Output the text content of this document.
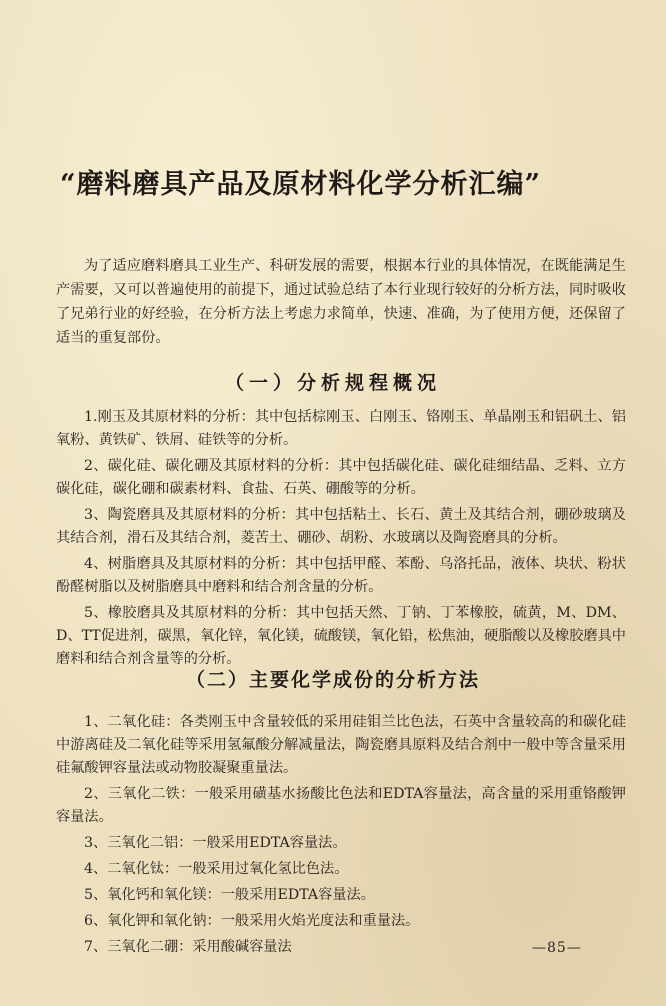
“磨料磨具产品及原材料化学分析汇编”

为了适应磨料磨具工业生产、科研发展的需要，根据本行业的具体情况，在既能满足生产需要，又可以普遍使用的前提下，通过试验总结了本行业现行较好的分析方法，同时吸收了兄弟行业的好经验，在分析方法上考虑力求简单，快速、准确，为了使用方便，还保留了适当的重复部份。

（一）分析规程概况

1.刚玉及其原材料的分析：其中包括棕刚玉、白刚玉、铬刚玉、单晶刚玉和铝矾土、铝氧粉、黄铁矿、铁屑、硅铁等的分析。

2、碳化硅、碳化硼及其原材料的分析：其中包括碳化硅、碳化硅细结晶、乏料、立方碳化硅，碳化硼和碳素材料、食盐、石英、硼酸等的分析。

3、陶瓷磨具及其原材料的分析：其中包括粘土、长石、黄土及其结合剂，硼砂玻璃及其结合剂，滑石及其结合剂，菱苦土、硼砂、胡粉、水玻璃以及陶瓷磨具的分析。

4、树脂磨具及其原材料的分析：其中包括甲醛、苯酚、乌洛托品，液体、块状、粉状酚醛树脂以及树脂磨具中磨料和结合剂含量的分析。

5、橡胶磨具及其原材料的分析：其中包括天然、丁钠、丁苯橡胶，硫黄，M、DM、D、TT促进剂，碳黑，氧化锌，氧化镁，硫酸镁，氧化铅，松焦油，硬脂酸以及橡胶磨具中磨料和结合剂含量等的分析。

（二）主要化学成份的分析方法

1、二氧化硅：各类刚玉中含量较低的采用硅钼兰比色法，石英中含量较高的和碳化硅中游离硅及二氧化硅等采用氢氟酸分解减量法，陶瓷磨具原料及结合剂中一般中等含量采用硅氟酸钾容量法或动物胶凝聚重量法。

2、三氧化二铁：一般采用磺基水扬酸比色法和EDTA容量法，高含量的采用重铬酸钾容量法。

3、三氧化二铝：一般采用EDTA容量法。

4、二氧化钛：一般采用过氧化氢比色法。

5、氧化钙和氧化镁：一般采用EDTA容量法。

6、氧化钾和氧化钠：一般采用火焰光度法和重量法。

7、三氧化二硼：采用酸碱容量法	—85—
